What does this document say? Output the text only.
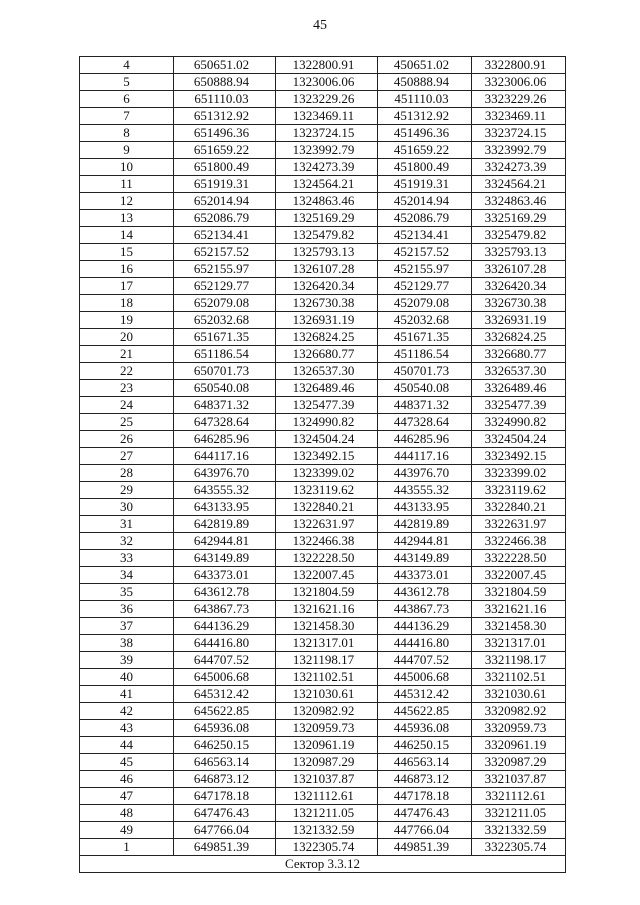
45
4	650651.02	1322800.91	450651.02	3322800.91
5	650888.94	1323006.06	450888.94	3323006.06
6	651110.03	1323229.26	451110.03	3323229.26
7	651312.92	1323469.11	451312.92	3323469.11
8	651496.36	1323724.15	451496.36	3323724.15
9	651659.22	1323992.79	451659.22	3323992.79
10	651800.49	1324273.39	451800.49	3324273.39
11	651919.31	1324564.21	451919.31	3324564.21
12	652014.94	1324863.46	452014.94	3324863.46
13	652086.79	1325169.29	452086.79	3325169.29
14	652134.41	1325479.82	452134.41	3325479.82
15	652157.52	1325793.13	452157.52	3325793.13
16	652155.97	1326107.28	452155.97	3326107.28
17	652129.77	1326420.34	452129.77	3326420.34
18	652079.08	1326730.38	452079.08	3326730.38
19	652032.68	1326931.19	452032.68	3326931.19
20	651671.35	1326824.25	451671.35	3326824.25
21	651186.54	1326680.77	451186.54	3326680.77
22	650701.73	1326537.30	450701.73	3326537.30
23	650540.08	1326489.46	450540.08	3326489.46
24	648371.32	1325477.39	448371.32	3325477.39
25	647328.64	1324990.82	447328.64	3324990.82
26	646285.96	1324504.24	446285.96	3324504.24
27	644117.16	1323492.15	444117.16	3323492.15
28	643976.70	1323399.02	443976.70	3323399.02
29	643555.32	1323119.62	443555.32	3323119.62
30	643133.95	1322840.21	443133.95	3322840.21
31	642819.89	1322631.97	442819.89	3322631.97
32	642944.81	1322466.38	442944.81	3322466.38
33	643149.89	1322228.50	443149.89	3322228.50
34	643373.01	1322007.45	443373.01	3322007.45
35	643612.78	1321804.59	443612.78	3321804.59
36	643867.73	1321621.16	443867.73	3321621.16
37	644136.29	1321458.30	444136.29	3321458.30
38	644416.80	1321317.01	444416.80	3321317.01
39	644707.52	1321198.17	444707.52	3321198.17
40	645006.68	1321102.51	445006.68	3321102.51
41	645312.42	1321030.61	445312.42	3321030.61
42	645622.85	1320982.92	445622.85	3320982.92
43	645936.08	1320959.73	445936.08	3320959.73
44	646250.15	1320961.19	446250.15	3320961.19
45	646563.14	1320987.29	446563.14	3320987.29
46	646873.12	1321037.87	446873.12	3321037.87
47	647178.18	1321112.61	447178.18	3321112.61
48	647476.43	1321211.05	447476.43	3321211.05
49	647766.04	1321332.59	447766.04	3321332.59
1	649851.39	1322305.74	449851.39	3322305.74
Сектор 3.3.12				
